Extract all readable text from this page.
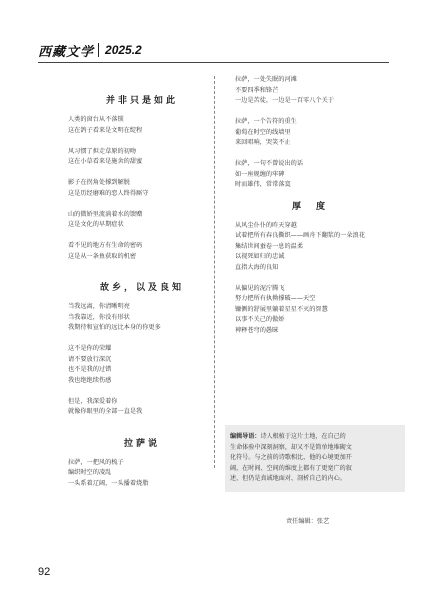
西藏文学 2025.2
并非只是如此
人类的窗台从不落锁
这在鸽子看来是文明在绽程
风习惯了担走草原的初吻
这在小草看来是施舍的甜蜜
影子在拐角处撑到解脱
这是历经磨难的恋人终得厮守
山的微娇里流淌着水的馈赠
这是文化的早期症状
看不见的地方有生命的密码
这是从一条鱼获取的机密
故乡，以及良知
当我远离，你清晰明亮
当我靠近，你没有形状
我期待和宣怕的远比本身的你更多
这不是你的荣耀
请不要放行深沉
也不是我的过错
我也绝绝续伤感
但是，我深爱着你
就像你眼里的全部一直是我
拉萨说
拉萨，一把风的梳子
编织时空的凌乱
一头系着辽阔，一头播着烧脂
拉萨，一处失眠的河滩
不要四季和锋芒
一边是苦徒，一边是一百零八个关于
拉萨，一个告符的重生
葡萄在时空的线墙里
来回唱响，哭笑不止
拉萨，一句不曾说出的话
如一座规缠的牢碑
时而雄伟，常常落寞
厚　度
从风尘仆仆的昨天穿越
试着把所有春良撕织——画舟下翻浆的一朵浪花
集结世间蚕卷一息的温柔
以视死如归的忠诚
直指大海的良知
从偏见的泥泞腾飞
努力把所有执拗撑破——天空
镰侧的舒展里躺着星星不灭的智慧
以事不关己的傲娇
裨释苍穹的愚昧
编辑导语：诗人根植于这片土地，在自己的
生命体验中深刻洞察，却又不是简单地堆砌文
化符号。与之前的诗歌相比，他的心境更加开
阔，在时间、空间的维度上都有了更宽广的叙
述，但仍是真诚地面对、剖析自己的内心。
责任编辑：张艺
92
